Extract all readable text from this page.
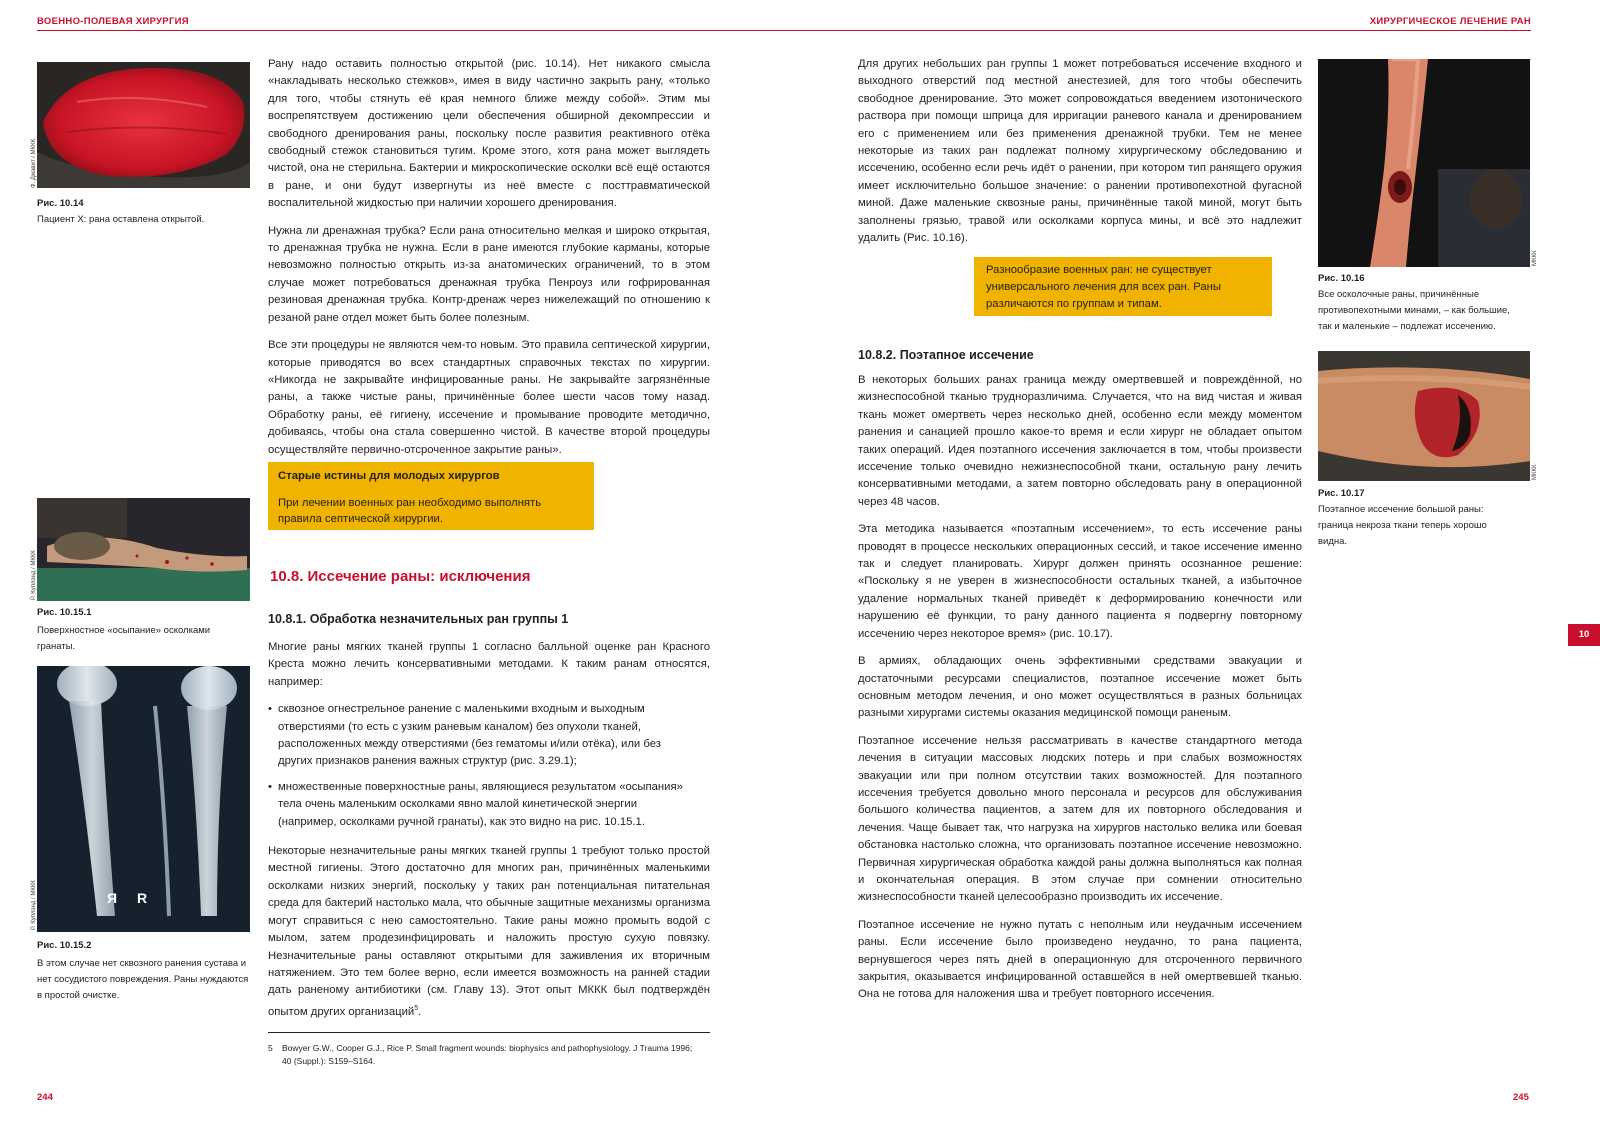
ВОЕННО-ПОЛЕВАЯ ХИРУРГИЯ
Ф. Джавит / МККК
Рис. 10.14
Пациент X: рана оставлена открытой.
Р. Куплэнд / МККК
Рис. 10.15.1
Поверхностное «осыпание» осколками гранаты.
Я R
Р. Куплэнд / МККК
Рис. 10.15.2
В этом случае нет сквозного ранения сустава и нет сосудистого повреждения. Раны нуждаются в простой очистке.

Рану надо оставить полностью открытой (рис. 10.14). Нет никакого смысла «накладывать несколько стежков», имея в виду частично закрыть рану, «только для того, чтобы стянуть её края немного ближе между собой». Этим мы воспрепятствуем достижению цели обеспечения обширной декомпрессии и свободного дренирования раны, поскольку после развития реактивного отёка свободный стежок становиться тугим. Кроме этого, хотя рана может выглядеть чистой, она не стерильна. Бактерии и микроскопические осколки всё ещё остаются в ране, и они будут извергнуты из неё вместе с посттравматической воспалительной жидкостью при наличии хорошего дренирования.

Нужна ли дренажная трубка? Если рана относительно мелкая и широко открытая, то дренажная трубка не нужна. Если в ране имеются глубокие карманы, которые невозможно полностью открыть из-за анатомических ограничений, то в этом случае может потребоваться дренажная трубка Пенроуз или гофрированная резиновая дренажная трубка. Контр-дренаж через нижележащий по отношению к резаной ране отдел может быть более полезным.

Все эти процедуры не являются чем-то новым. Это правила септической хирургии, которые приводятся во всех стандартных справочных текстах по хирургии. «Никогда не закрывайте инфицированные раны. Не закрывайте загрязнённые раны, а также чистые раны, причинённые более шести часов тому назад. Обработку раны, её гигиену, иссечение и промывание проводите методично, добиваясь, чтобы она стала совершенно чистой. В качестве второй процедуры осуществляйте первично-отсроченное закрытие раны».

Старые истины для молодых хирургов
При лечении военных ран необходимо выполнять правила септической хирургии.
10.8. Иссечение раны: исключения
10.8.1. Обработка незначительных ран группы 1

Многие раны мягких тканей группы 1 согласно балльной оценке ран Красного Креста можно лечить консервативными методами. К таким ранам относятся, например:

• сквозное огнестрельное ранение с маленькими входным и выходным отверстиями (то есть с узким раневым каналом) без опухоли тканей, расположенных между отверстиями (без гематомы и/или отёка), или без других признаков ранения важных структур (рис. 3.29.1);
• множественные поверхностные раны, являющиеся результатом «осыпания» тела очень маленьким осколками явно малой кинетической энергии (например, осколками ручной гранаты), как это видно на рис. 10.15.1.

Некоторые незначительные раны мягких тканей группы 1 требуют только простой местной гигиены. Этого достаточно для многих ран, причинённых маленькими осколками низких энергий, поскольку у таких ран потенциальная питательная среда для бактерий настолько мала, что обычные защитные механизмы организма могут справиться с нею самостоятельно. Такие раны можно промыть водой с мылом, затем продезинфицировать и наложить простую сухую повязку. Незначительные раны оставляют открытыми для заживления их вторичным натяжением. Это тем более верно, если имеется возможность на ранней стадии дать раненому антибиотики (см. Главу 13). Этот опыт МККК был подтверждён опытом других организаций$^5$.

5 Bowyer G.W., Cooper G.J., Rice P. Small fragment wounds: biophysics and pathophysiology. J Trauma 1996; 40 (Suppl.): S159–S164.
244
ХИРУРГИЧЕСКОЕ ЛЕЧЕНИЕ РАН

Для других небольших ран группы 1 может потребоваться иссечение входного и выходного отверстий под местной анестезией, для того чтобы обеспечить свободное дренирование. Это может сопровождаться введением изотонического раствора при помощи шприца для ирригации раневого канала и дренированием его с применением или без применения дренажной трубки. Тем не менее некоторые из таких ран подлежат полному хирургическому обследованию и иссечению, особенно если речь идёт о ранении, при котором тип ранящего оружия имеет исключительно большое значение: о ранении противопехотной фугасной миной. Даже маленькие сквозные раны, причинённые такой миной, могут быть заполнены грязью, травой или осколками корпуса мины, и всё это надлежит удалить (Рис. 10.16).

Разнообразие военных ран: не существует универсального лечения для всех ран. Раны различаются по группам и типам.
10.8.2. Поэтапное иссечение

В некоторых больших ранах граница между омертвевшей и повреждённой, но жизнеспособной тканью трудноразличима. Случается, что на вид чистая и живая ткань может омертветь через несколько дней, особенно если между моментом ранения и санацией прошло какое-то время и если хирург не обладает опытом таких операций. Идея поэтапного иссечения заключается в том, чтобы произвести иссечение только очевидно нежизнеспособной ткани, остальную рану лечить консервативными методами, а затем повторно обследовать рану в операционной через 48 часов.

Эта методика называется «поэтапным иссечением», то есть иссечение раны проводят в процессе нескольких операционных сессий, и такое иссечение именно так и следует планировать. Хирург должен принять осознанное решение: «Поскольку я не уверен в жизнеспособности остальных тканей, а избыточное удаление нормальных тканей приведёт к деформированию конечности или нарушению её функции, то рану данного пациента я подвергну повторному иссечению через некоторое время» (рис. 10.17).

В армиях, обладающих очень эффективными средствами эвакуации и достаточными ресурсами специалистов, поэтапное иссечение может быть основным методом лечения, и оно может осуществляться в разных больницах разными хирургами системы оказания медицинской помощи раненым.

Поэтапное иссечение нельзя рассматривать в качестве стандартного метода лечения в ситуации массовых людских потерь и при слабых возможностях эвакуации или при полном отсутствии таких возможностей. Для поэтапного иссечения требуется довольно много персонала и ресурсов для обслуживания большого количества пациентов, а затем для их повторного обследования и лечения. Чаще бывает так, что нагрузка на хирургов настолько велика или боевая обстановка настолько сложна, что организовать поэтапное иссечение невозможно. Первичная хирургическая обработка каждой раны должна выполняться как полная и окончательная операция. В этом случае при сомнении относительно жизнеспособности тканей целесообразно производить их иссечение.

Поэтапное иссечение не нужно путать с неполным или неудачным иссечением раны. Если иссечение было произведено неудачно, то рана пациента, вернувшегося через пять дней в операционную для отсроченного первичного закрытия, оказывается инфицированной оставшейся в ней омертвевшей тканью. Она не готова для наложения шва и требует повторного иссечения.

МККК
Рис. 10.16
Все осколочные раны, причинённые противопехотными минами, – как большие, так и маленькие – подлежат иссечению.
МККК
Рис. 10.17
Поэтапное иссечение большой раны: граница некроза ткани теперь хорошо видна.
10
245
